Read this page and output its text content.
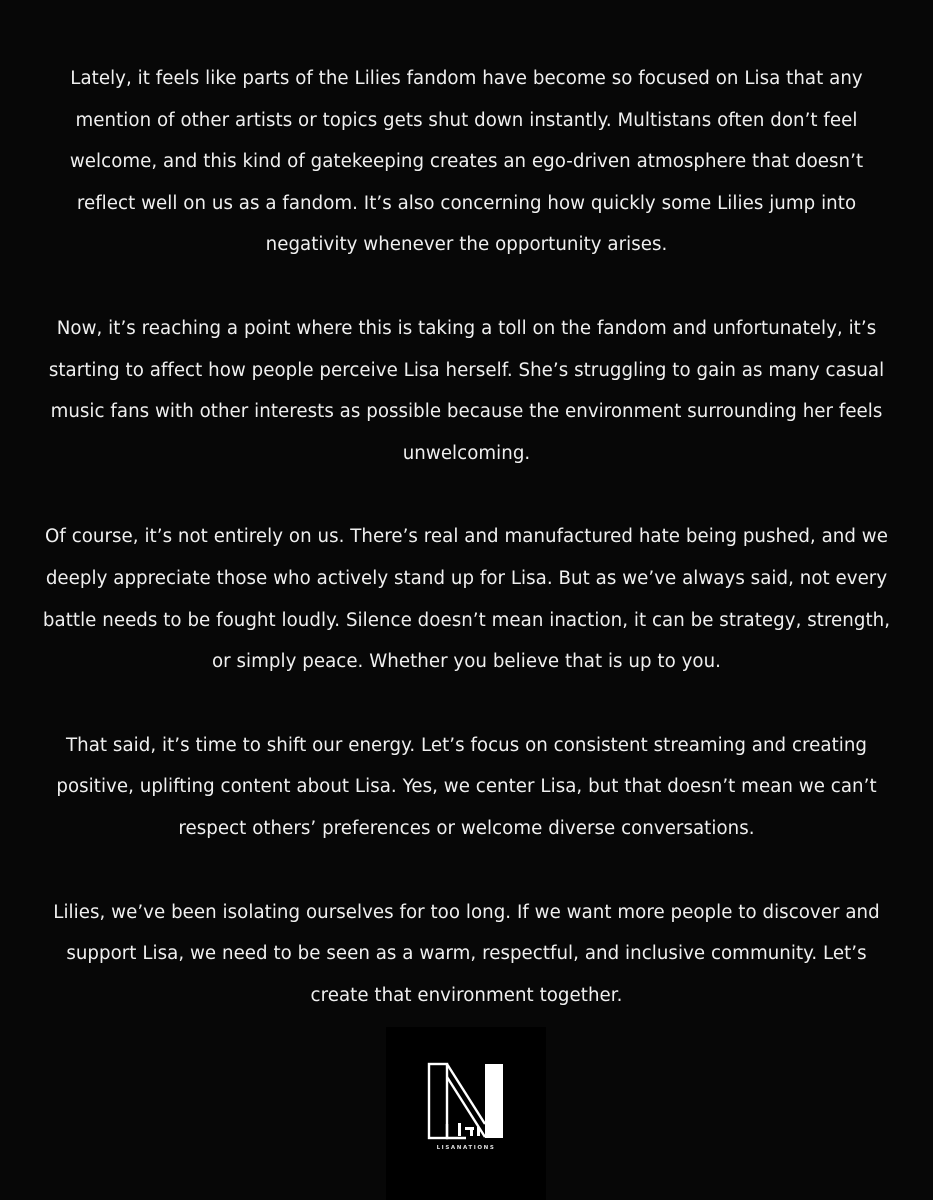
Lately, it feels like parts of the Lilies fandom have become so focused on Lisa that any mention of other artists or topics gets shut down instantly. Multistans often don’t feel welcome, and this kind of gatekeeping creates an ego-driven atmosphere that doesn’t reflect well on us as a fandom. It’s also concerning how quickly some Lilies jump into negativity whenever the opportunity arises.

Now, it’s reaching a point where this is taking a toll on the fandom and unfortunately, it’s starting to affect how people perceive Lisa herself. She’s struggling to gain as many casual music fans with other interests as possible because the environment surrounding her feels unwelcoming.

Of course, it’s not entirely on us. There’s real and manufactured hate being pushed, and we deeply appreciate those who actively stand up for Lisa. But as we’ve always said, not every battle needs to be fought loudly. Silence doesn’t mean inaction, it can be strategy, strength, or simply peace. Whether you believe that is up to you.

That said, it’s time to shift our energy. Let’s focus on consistent streaming and creating positive, uplifting content about Lisa. Yes, we center Lisa, but that doesn’t mean we can’t respect others’ preferences or welcome diverse conversations.

Lilies, we’ve been isolating ourselves for too long. If we want more people to discover and support Lisa, we need to be seen as a warm, respectful, and inclusive community. Let’s create that environment together.

LISANATIONS
